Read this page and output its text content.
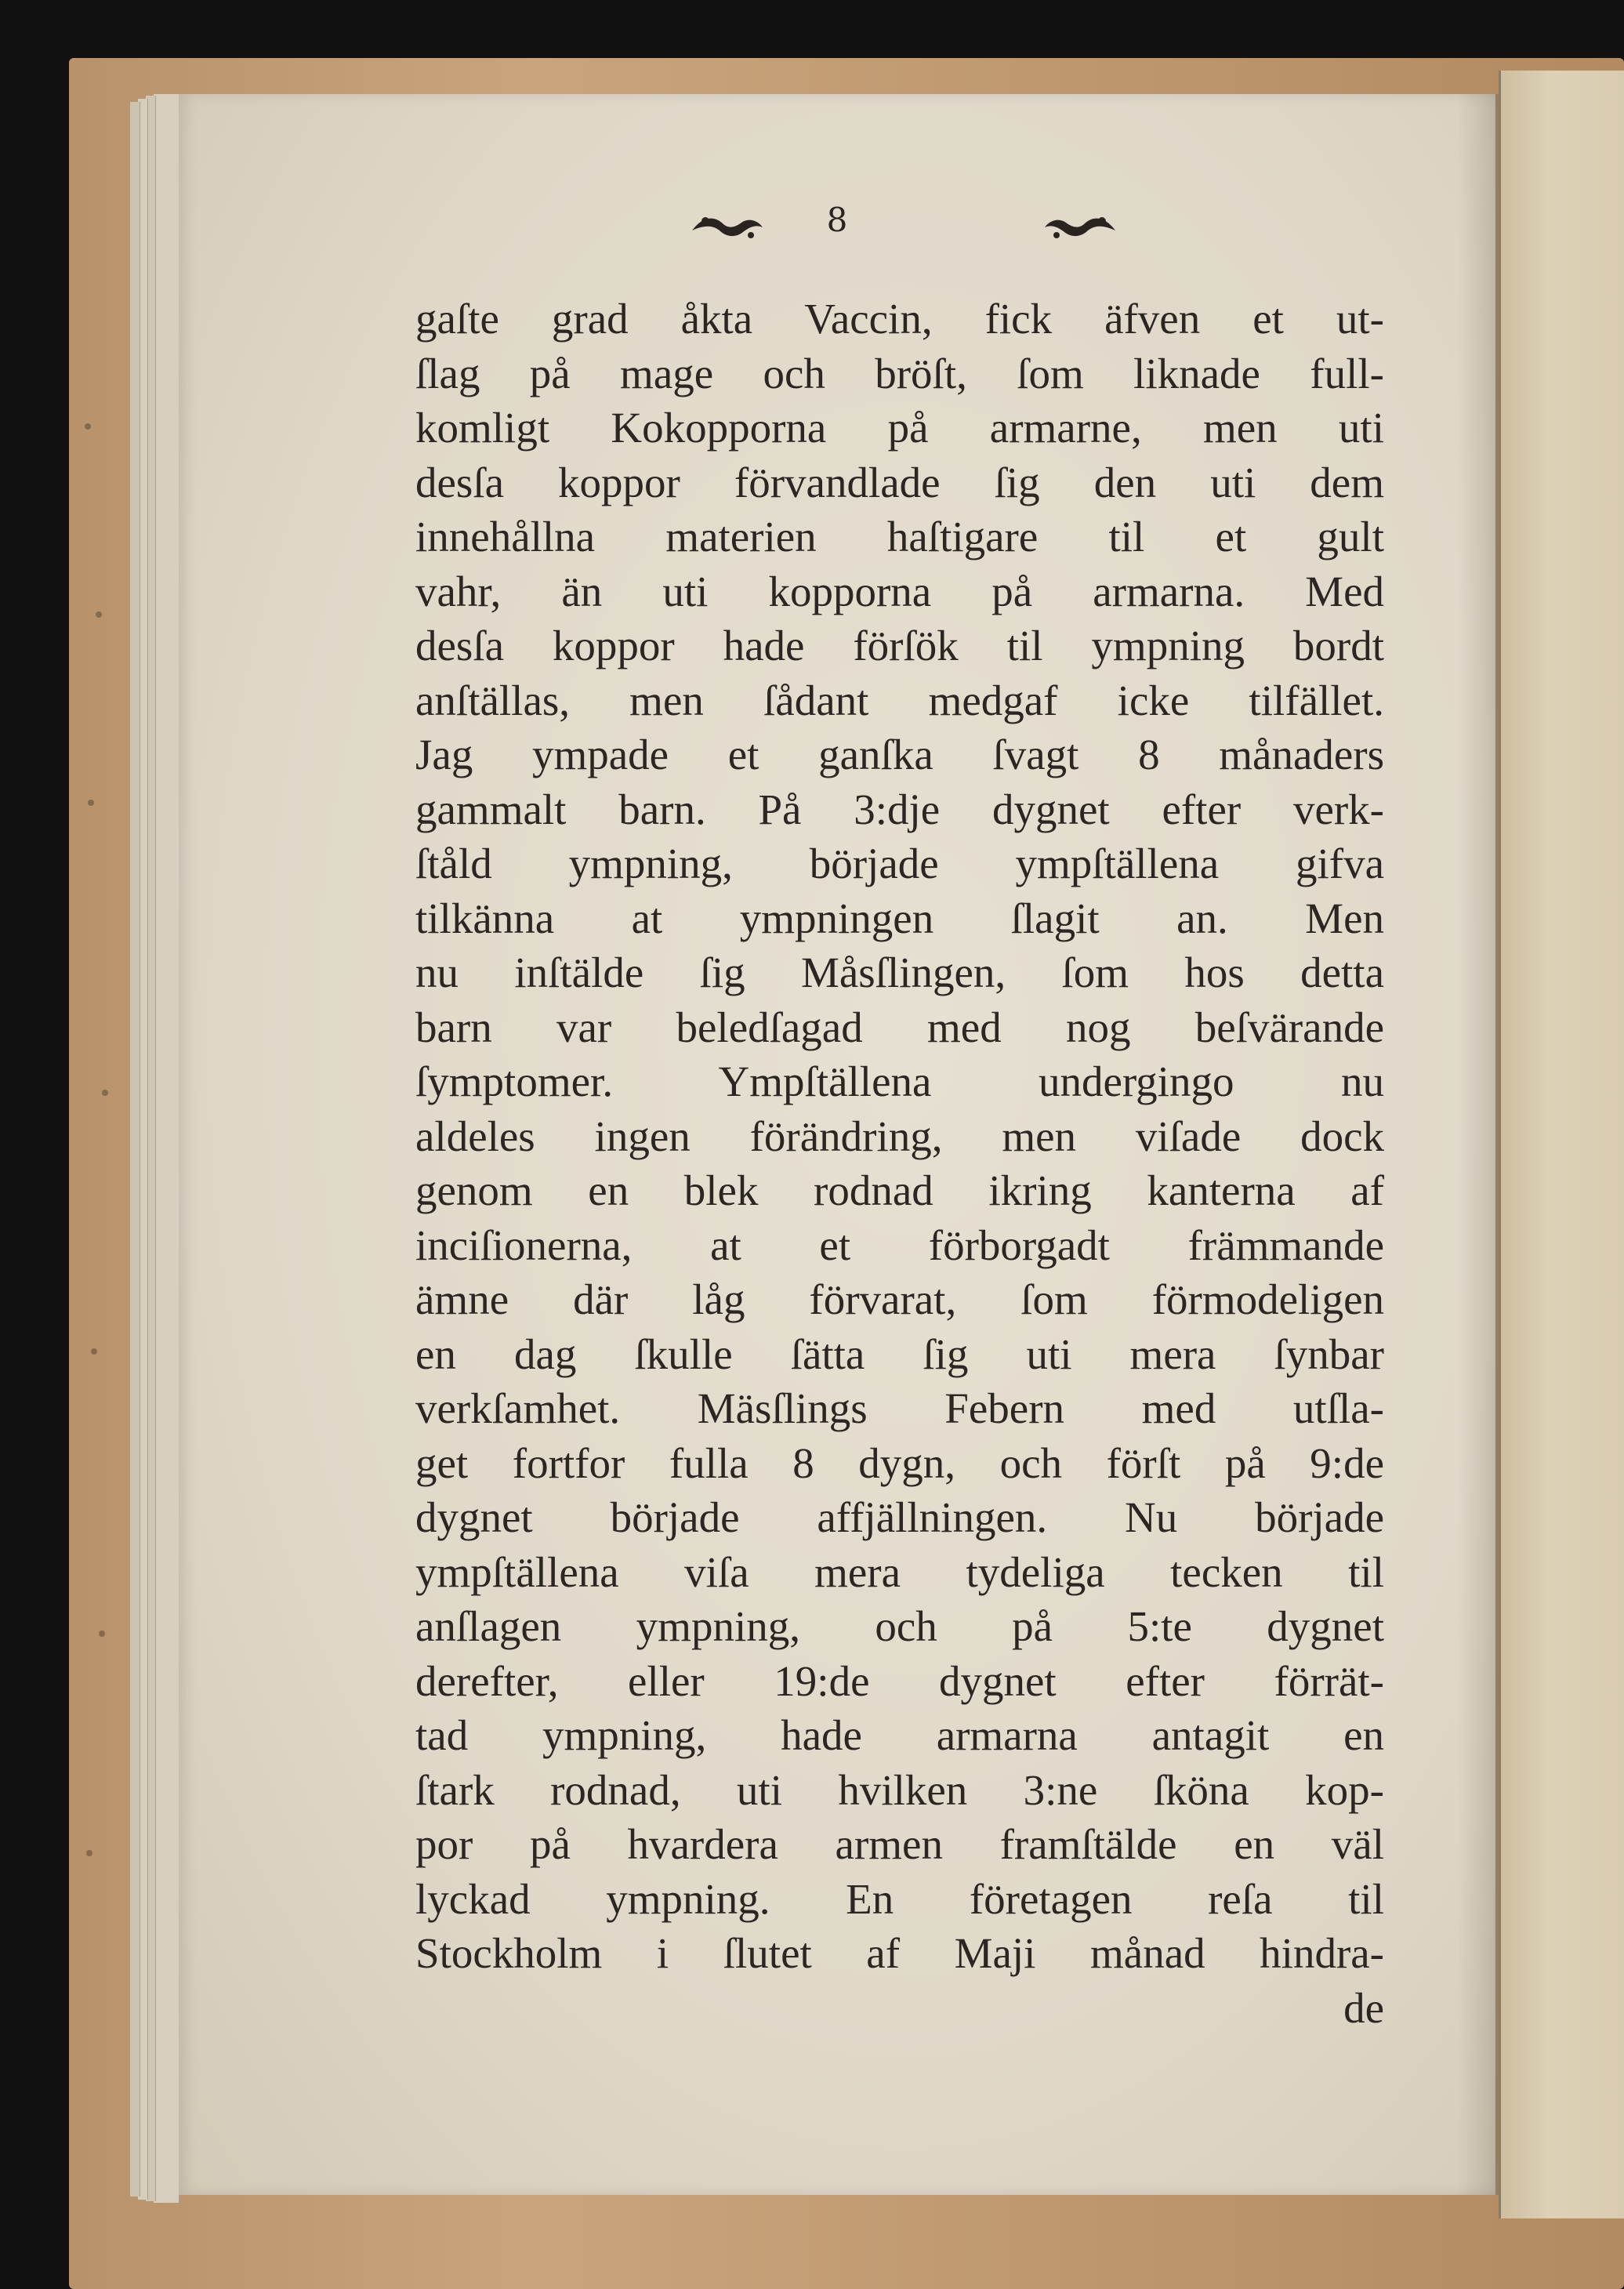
8
gaſte grad åkta Vaccin, fick äfven et ut-
ſlag på mage och bröſt, ſom liknade full-
komligt Kokopporna på armarne, men uti
desſa koppor förvandlade ſig den uti dem
innehållna materien haſtigare til et gult
vahr, än uti kopporna på armarna. Med
desſa koppor hade förſök til ympning bordt
anſtällas, men ſådant medgaf icke tilfället.
Jag ympade et ganſka ſvagt 8 månaders
gammalt barn. På 3:dje dygnet efter verk-
ſtåld ympning, började ympſtällena gifva
tilkänna at ympningen ſlagit an. Men
nu inſtälde ſig Måsſlingen, ſom hos detta
barn var beledſagad med nog beſvärande
ſymptomer. Ympſtällena undergingo nu
aldeles ingen förändring, men viſade dock
genom en blek rodnad ikring kanterna af
inciſionerna, at et förborgadt främmande
ämne där låg förvarat, ſom förmodeligen
en dag ſkulle ſätta ſig uti mera ſynbar
verkſamhet. Mäsſlings Febern med utſla-
get fortfor fulla 8 dygn, och förſt på 9:de
dygnet började affjällningen. Nu började
ympſtällena viſa mera tydeliga tecken til
anſlagen ympning, och på 5:te dygnet
derefter, eller 19:de dygnet efter förrät-
tad ympning, hade armarna antagit en
ſtark rodnad, uti hvilken 3:ne ſköna kop-
por på hvardera armen framſtälde en väl
lyckad ympning. En företagen reſa til
Stockholm i ſlutet af Maji månad hindra-
de
